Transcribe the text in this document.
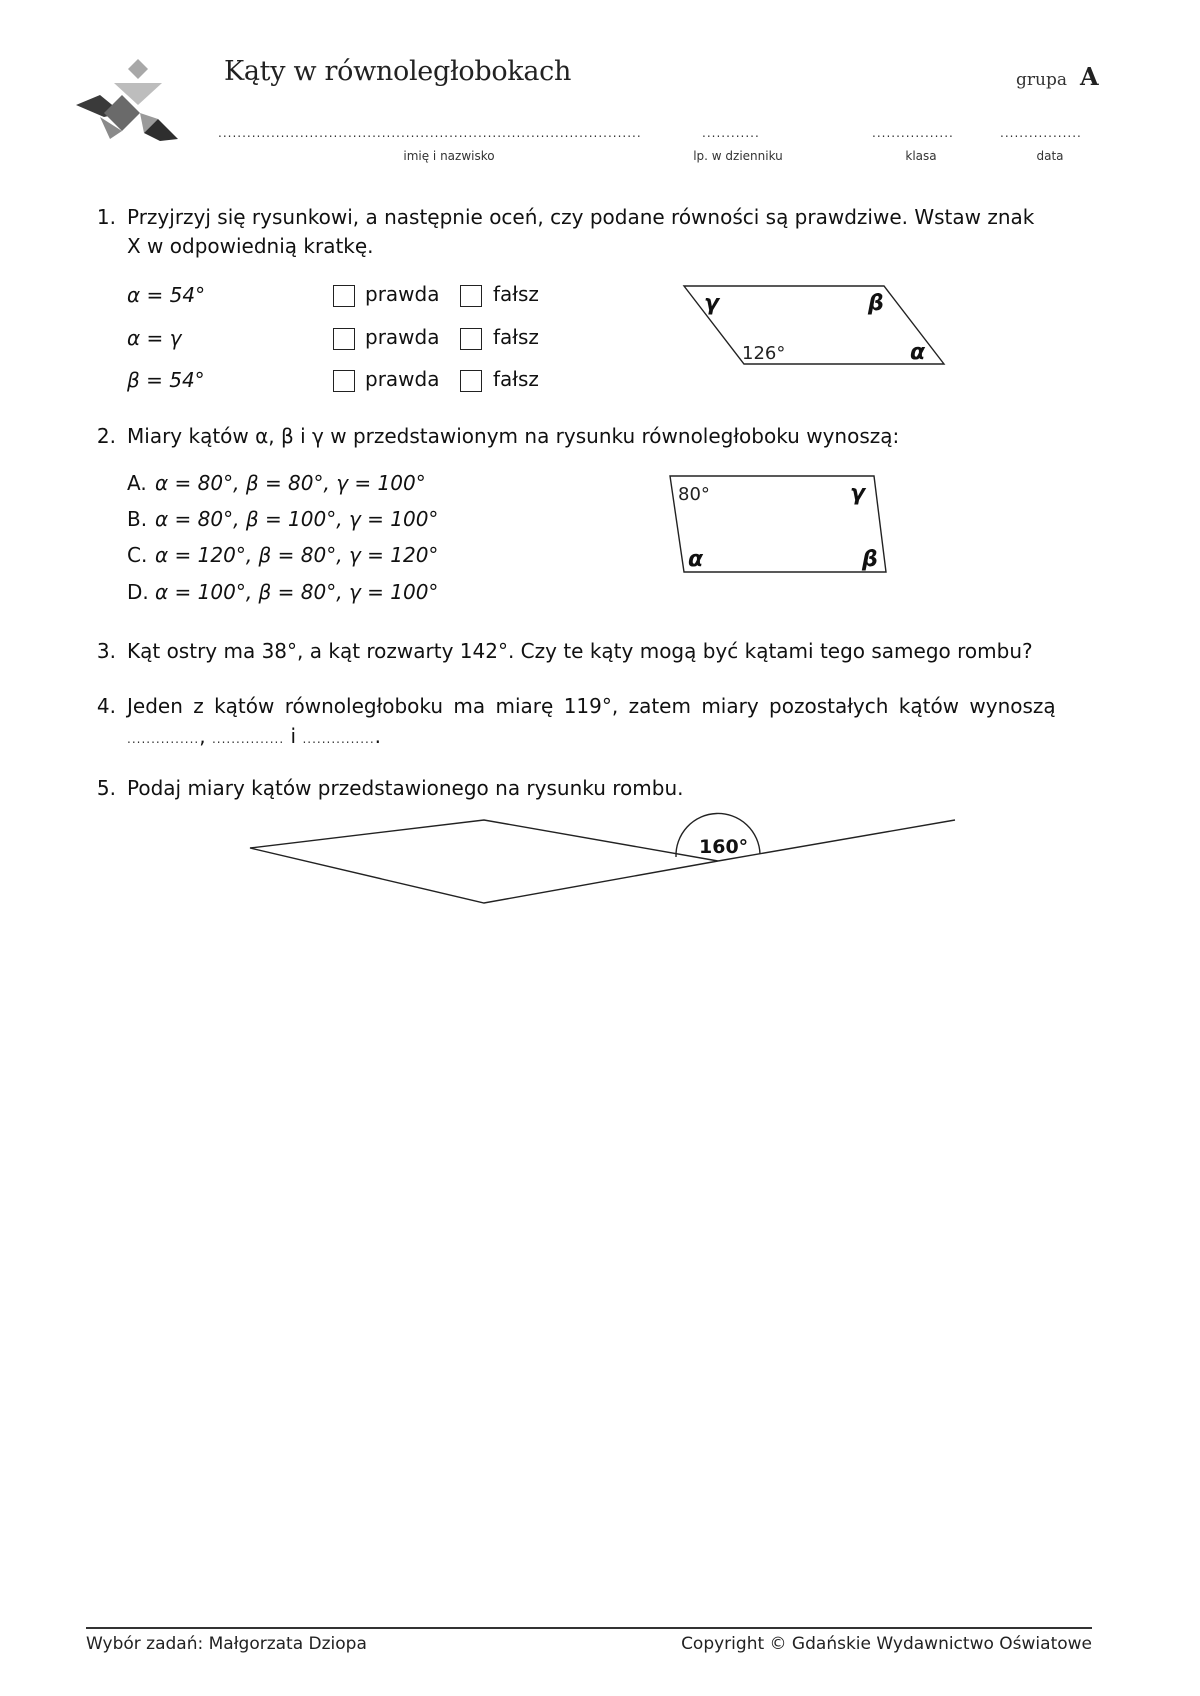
Kąty w równoległobokach	grupa A
........................................................................................
imię i nazwisko
............
lp. w dzienniku
.................
klasa
.................
data
1. Przyjrzyj się rysunkowi, a następnie oceń, czy podane równości są prawdziwe. Wstaw znak
X w odpowiednią kratkę.
α = 54°	prawda	fałsz
α = γ	prawda	fałsz
β = 54°	prawda	fałsz
γ	β
126°	α
2. Miary kątów α, β i γ w przedstawionym na rysunku równoległoboku wynoszą:
A. α = 80°, β = 80°, γ = 100°
B. α = 80°, β = 100°, γ = 100°
C. α = 120°, β = 80°, γ = 120°
D. α = 100°, β = 80°, γ = 100°
80°	γ
α	β
3. Kąt ostry ma 38°, a kąt rozwarty 142°. Czy te kąty mogą być kątami tego samego rombu?
4. Jeden z kątów równoległoboku ma miarę 119°, zatem miary pozostałych kątów wynoszą
..............., ............... i ................
5. Podaj miary kątów przedstawionego na rysunku rombu.
160°
Wybór zadań: Małgorzata Dziopa	Copyright © Gdańskie Wydawnictwo Oświatowe
